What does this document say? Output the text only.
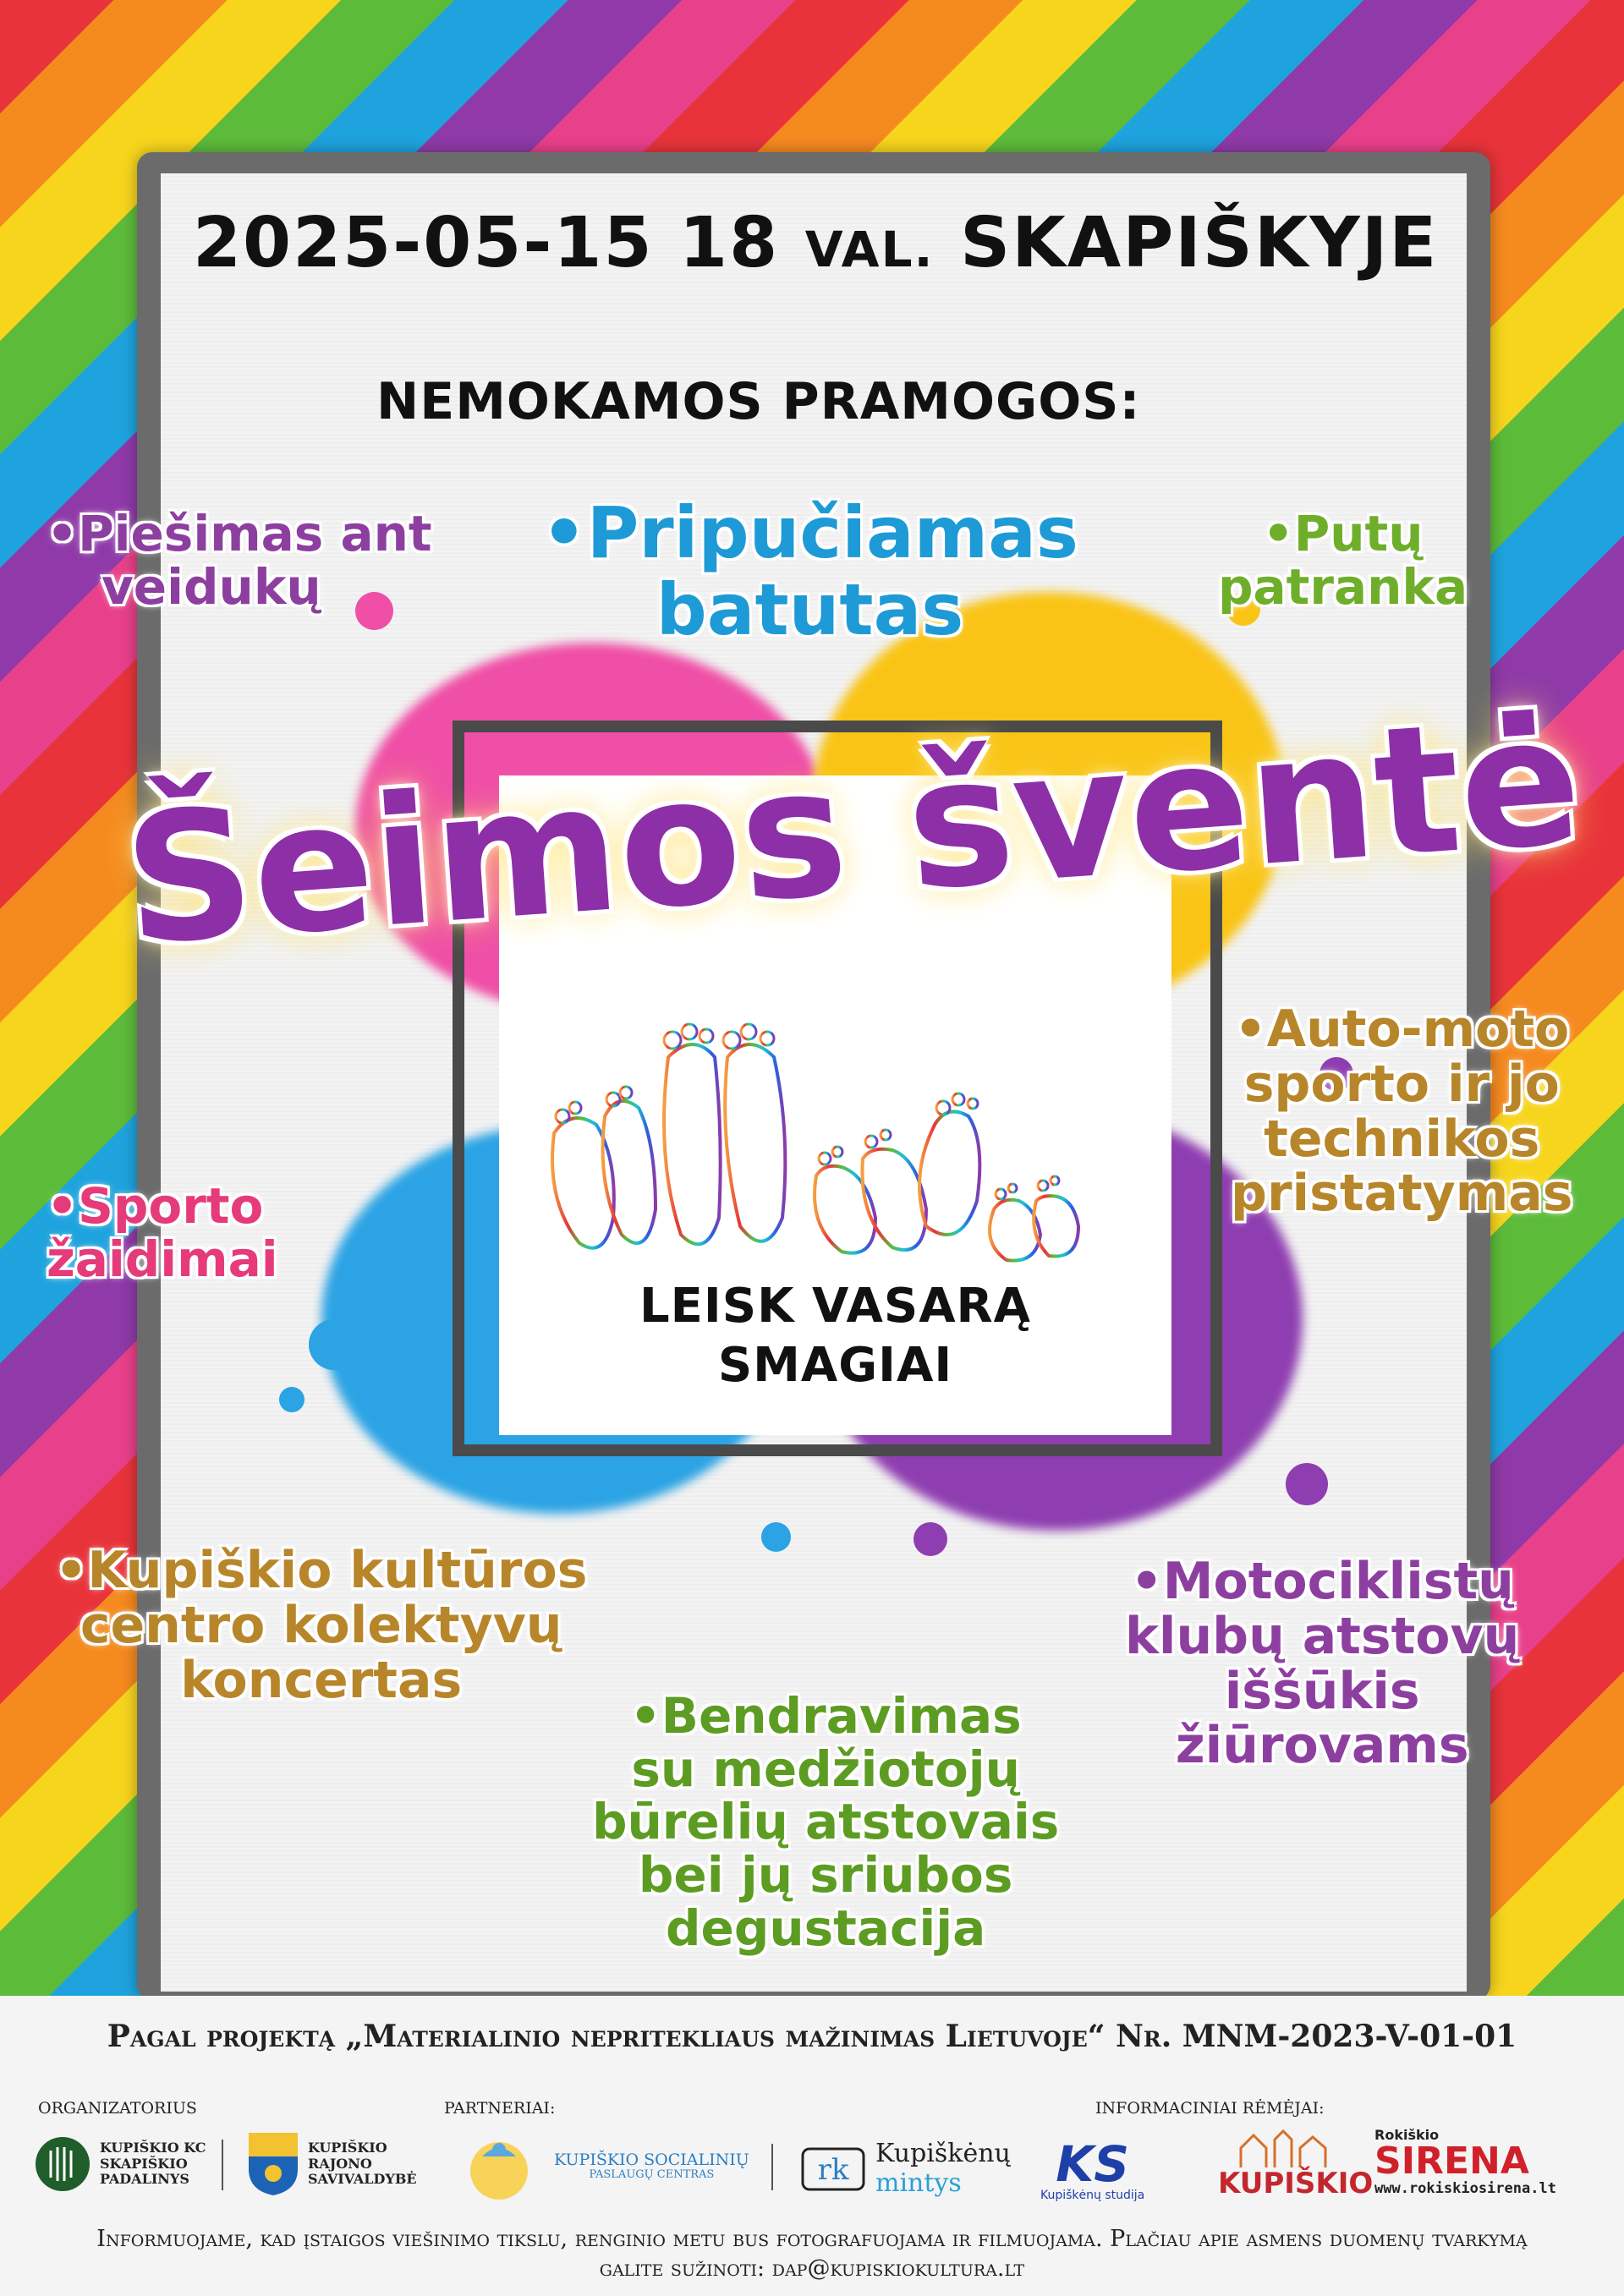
2025-05-15 18 VAL. SKAPIŠKYJE

NEMOKAMOS PRAMOGOS:

•Piešimas ant
veidukų
•Pripučiamas
batutas
•Putų
patranka
•Auto-moto
sporto ir jo
technikos
pristatymas
•Sporto
žaidimai
•Kupiškio kultūros
centro kolektyvų
koncertas
•Motociklistų
klubų atstovų
iššūkis
žiūrovams
•Bendravimas
su medžiotojų
būrelių atstovais
bei jų sriubos
degustacija
LEISK VASARĄ
SMAGIAI

Šeimos šventė

Pagal projektą „Materialinio nepritekliaus mažinimas Lietuvoje“ Nr. MNM-2023-V-01-01

ORGANIZATORIUS	PARTNERIAI:	INFORMACINIAI RĖMĖJAI:
KUPIŠKIO KC
SKAPIŠKIO
PADALINYS
KUPIŠKIO
RAJONO
SAVIVALDYBĖ
KUPIŠKIO SOCIALINIŲ
PASLAUGŲ CENTRAS	rk Kupiškėnų
mintys	KS
Kupiškėnų studija	KUPIŠKIO
Rokiškio
SIRENA
www.rokiskiosirena.lt
Informuojame, kad įstaigos viešinimo tikslu, renginio metu bus fotografuojama ir filmuojama. Plačiau apie asmens duomenų tvarkymą
galite sužinoti: dap@kupiskiokultura.lt
